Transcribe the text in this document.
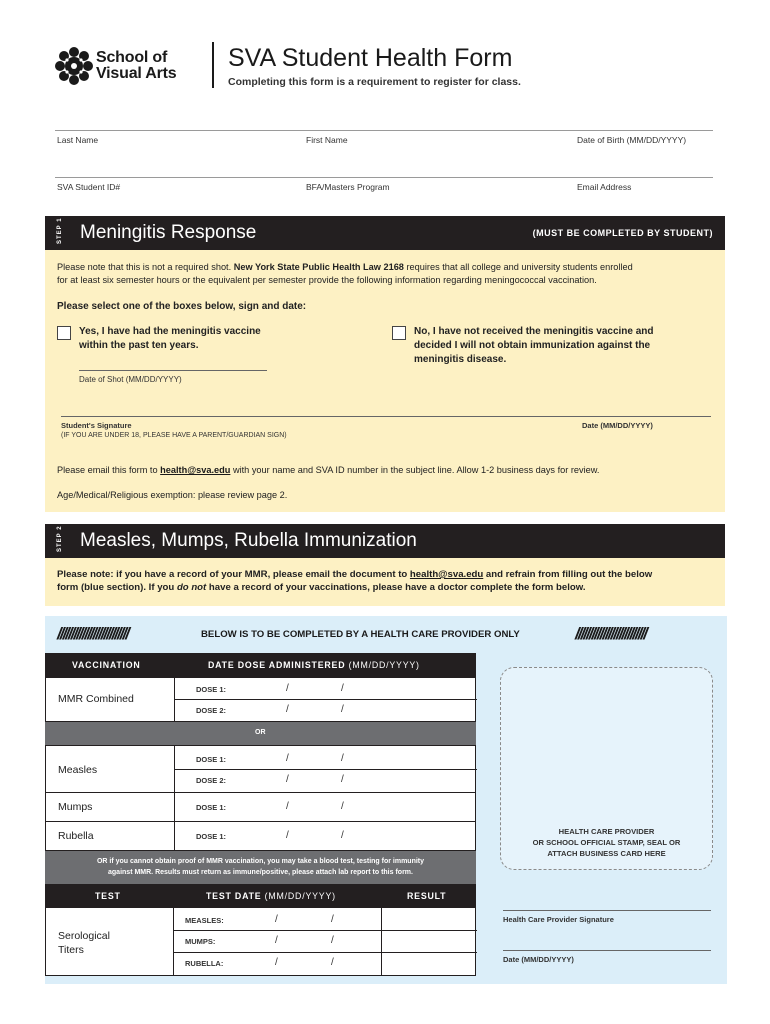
School of
Visual Arts
SVA Student Health Form
Completing this form is a requirement to register for class.
Last Name	First Name	Date of Birth (MM/DD/YYYY)
SVA Student ID#	BFA/Masters Program	Email Address
STEP 1 Meningitis Response	(MUST BE COMPLETED BY STUDENT)
Please note that this is not a required shot. New York State Public Health Law 2168 requires that all college and university students enrolled
for at least six semester hours or the equivalent per semester provide the following information regarding meningococcal vaccination.
Please select one of the boxes below, sign and date:
Yes, I have had the meningitis vaccine
within the past ten years.
No, I have not received the meningitis vaccine and
decided I will not obtain immunization against the
meningitis disease.
Date of Shot (MM/DD/YYYY)
Student's Signature
(IF YOU ARE UNDER 18, PLEASE HAVE A PARENT/GUARDIAN SIGN)
Date (MM/DD/YYYY)
Please email this form to health@sva.edu with your name and SVA ID number in the subject line. Allow 1-2 business days for review.
Age/Medical/Religious exemption: please review page 2.
STEP 2 Measles, Mumps, Rubella Immunization
Please note: if you have a record of your MMR, please email the document to health@sva.edu and refrain from filling out the below
form (blue section). If you do not have a record of your vaccinations, please have a doctor complete the form below.
//////////////////////////	BELOW IS TO BE COMPLETED BY A HEALTH CARE PROVIDER ONLY	//////////////////////////
VACCINATION	DATE DOSE ADMINISTERED (MM/DD/YYYY)
MMR Combined
DOSE 1:	/	/
DOSE 2:	/	/
OR
Measles
DOSE 1:	/	/
DOSE 2:	/	/
Mumps	DOSE 1:	/	/
Rubella	DOSE 1:	/	/
OR if you cannot obtain proof of MMR vaccination, you may take a blood test, testing for immunity
against MMR. Results must return as immune/positive, please attach lab report to this form.
TEST	TEST DATE (MM/DD/YYYY)	RESULT
Serological
Titers
MEASLES:	/	/
MUMPS:	/	/
RUBELLA:	/	/
HEALTH CARE PROVIDER
OR SCHOOL OFFICIAL STAMP, SEAL OR
ATTACH BUSINESS CARD HERE
Health Care Provider Signature
Date (MM/DD/YYYY)
